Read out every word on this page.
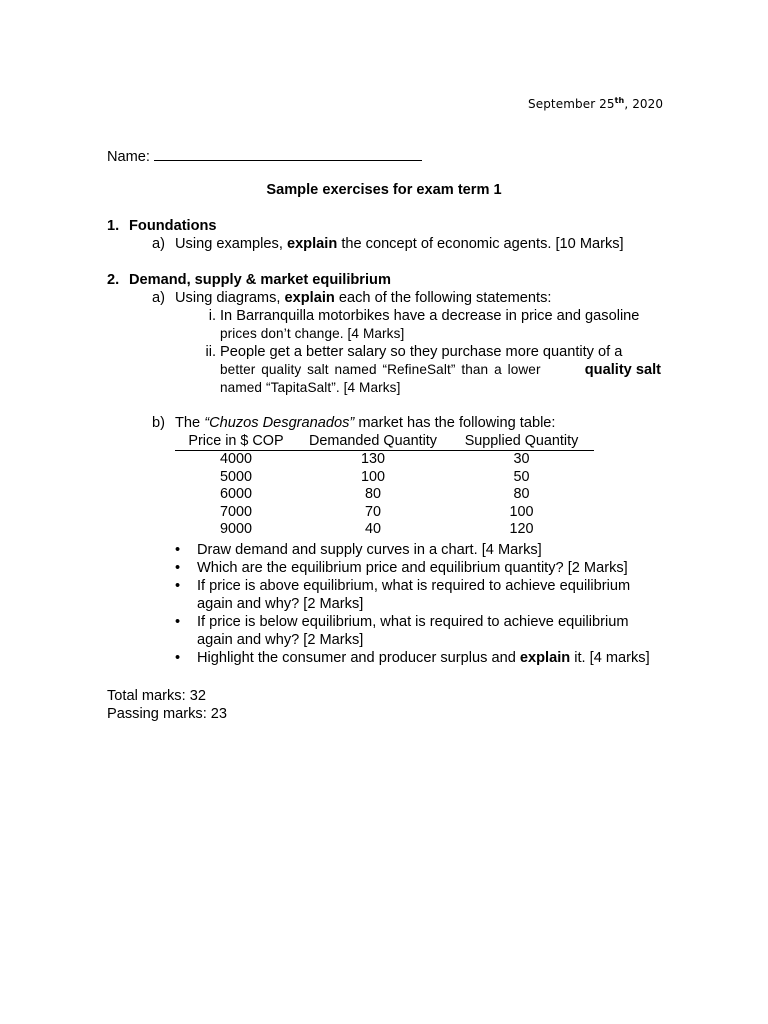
September 25th, 2020
Name:
Sample exercises for exam term 1
1. Foundations
a) Using examples, explain the concept of economic agents. [10 Marks]
2. Demand, supply & market equilibrium
a) Using diagrams, explain each of the following statements:
i. In Barranquilla motorbikes have a decrease in price and gasoline
prices don’t change. [4 Marks]
ii. People get a better salary so they purchase more quantity of a
better quality salt named “RefineSalt” than a lower	quality salt
named “TapitaSalt”. [4 Marks]
b) The “Chuzos Desgranados” market has the following table:
Price in $ COP	Demanded Quantity	Supplied Quantity
4000	130	30
5000	100	50
6000	80	80
7000	70	100
9000	40	120
•	Draw demand and supply curves in a chart. [4 Marks]
•	Which are the equilibrium price and equilibrium quantity? [2 Marks]
•	If price is above equilibrium, what is required to achieve equilibrium
again and why? [2 Marks]
•	If price is below equilibrium, what is required to achieve equilibrium
again and why? [2 Marks]
•	Highlight the consumer and producer surplus and explain it. [4 marks]
Total marks: 32
Passing marks: 23
